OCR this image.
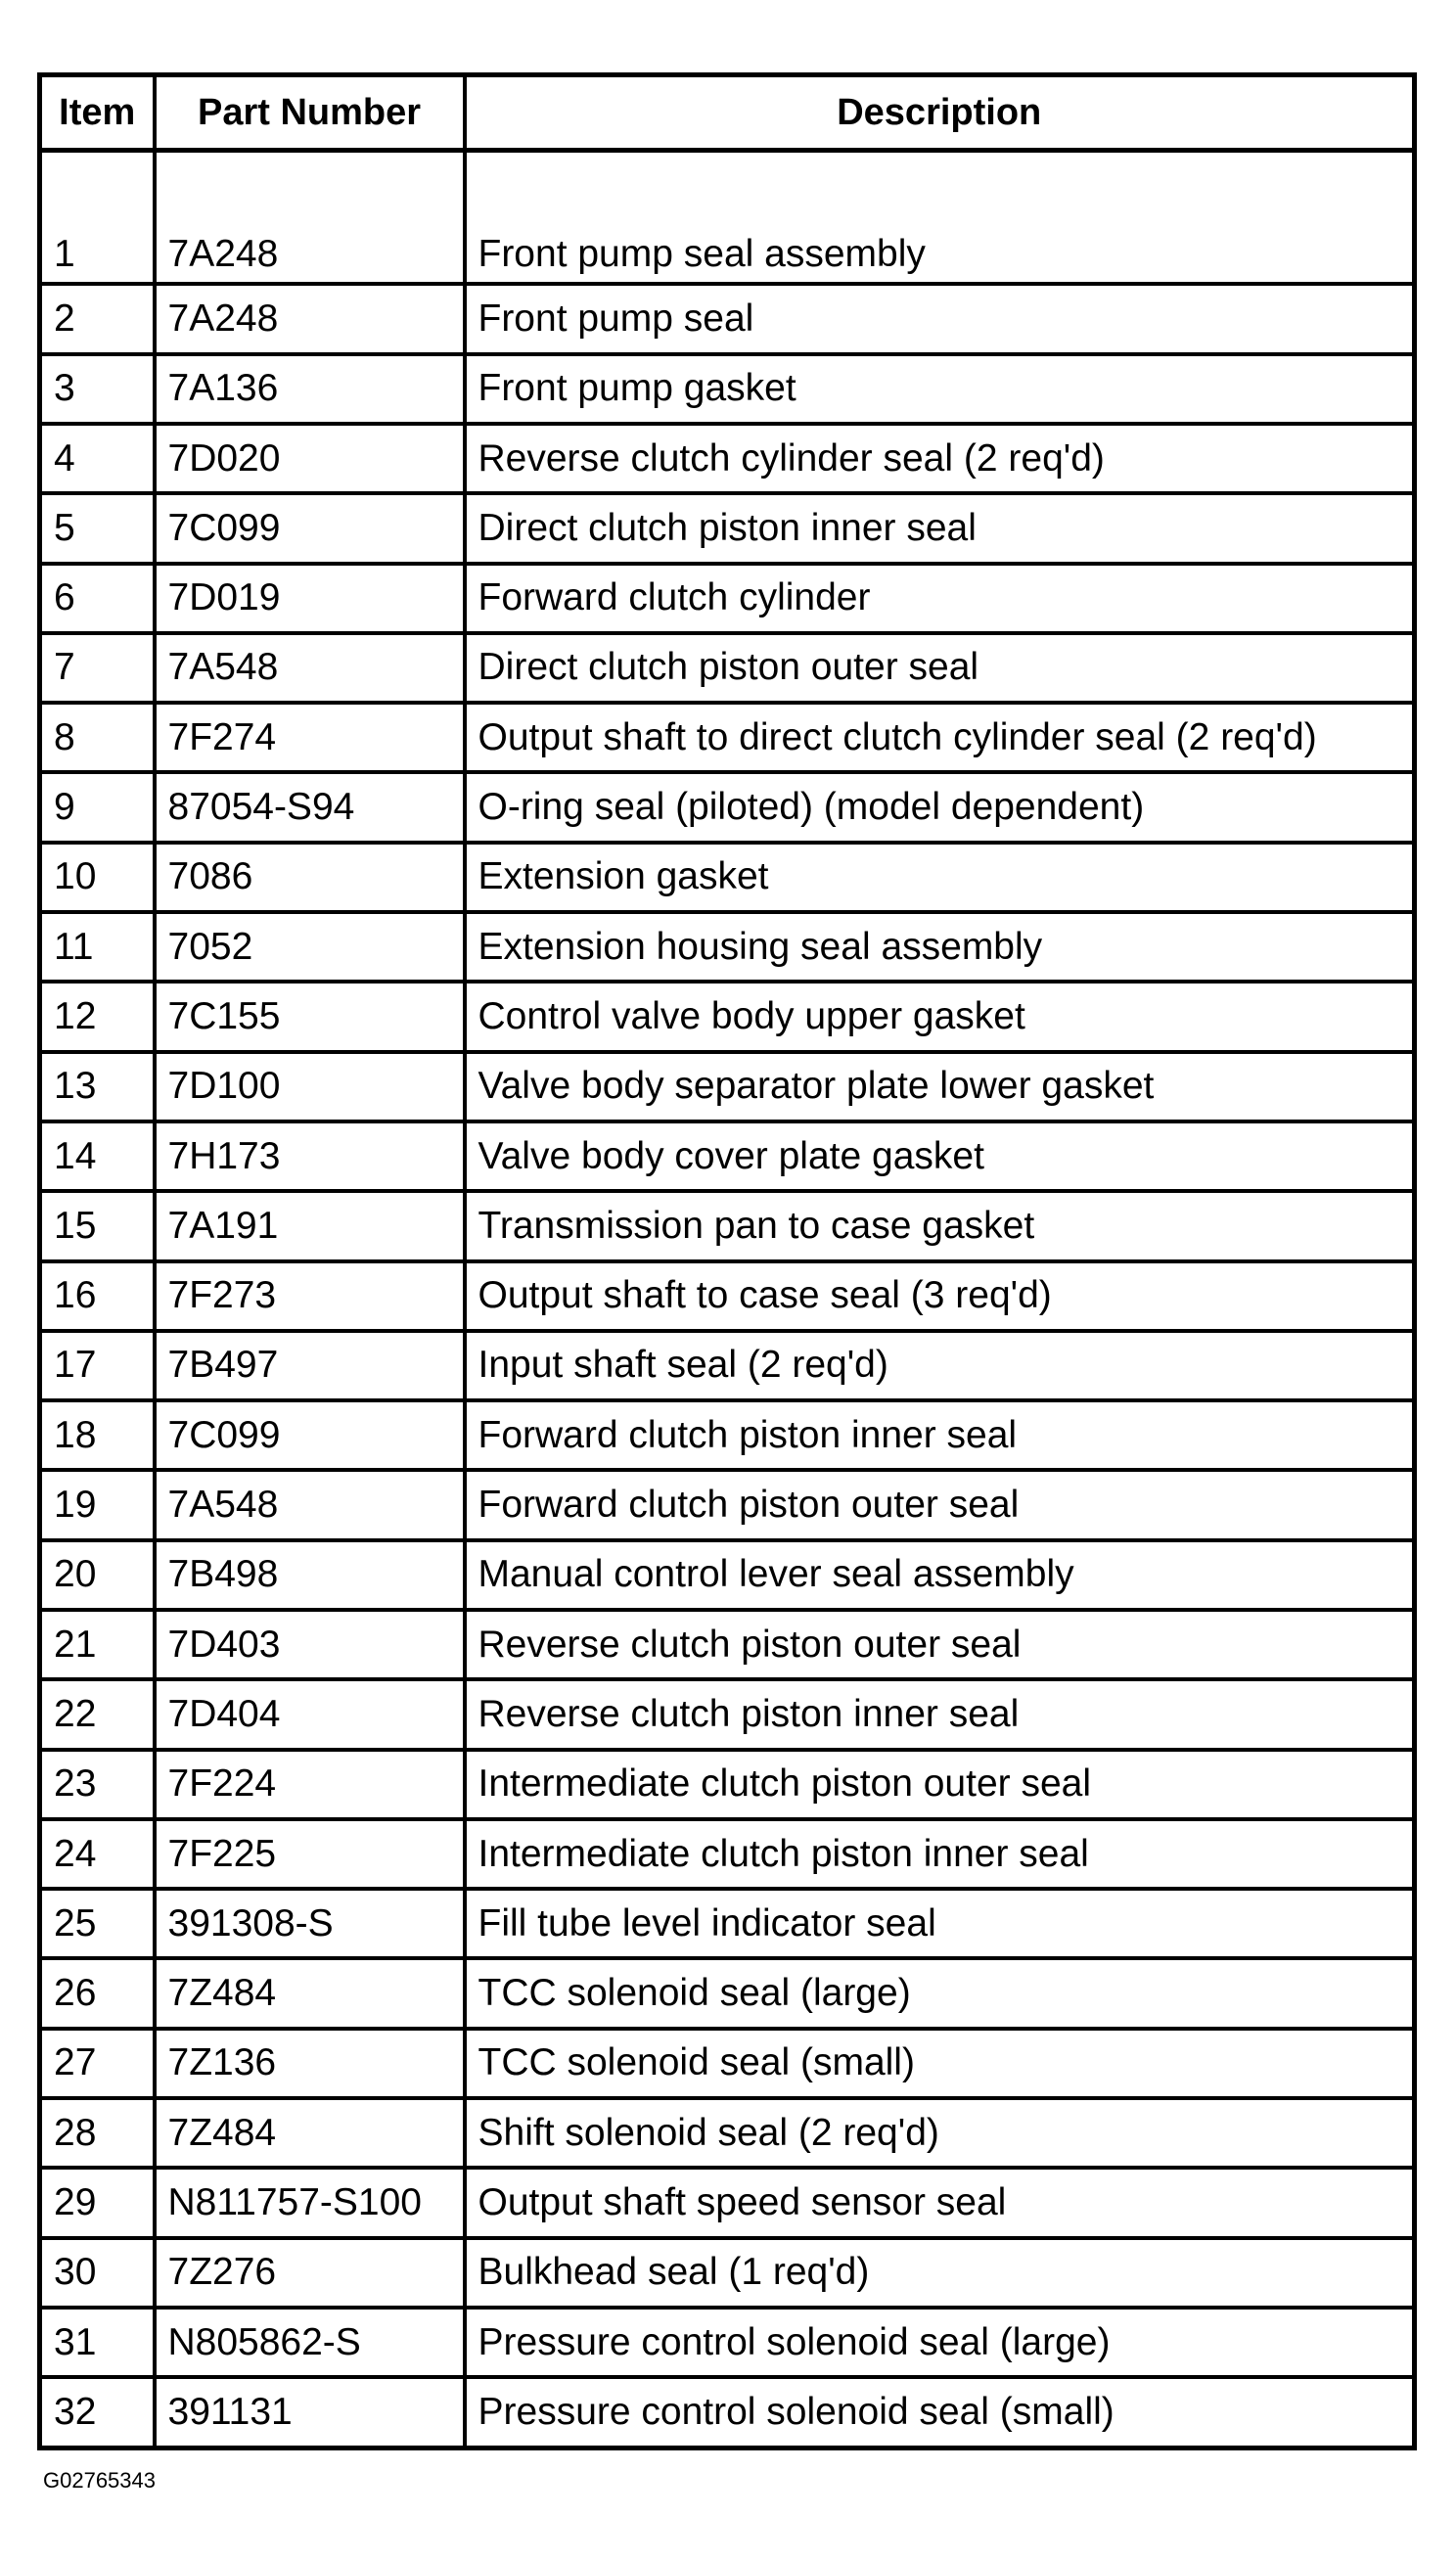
Item	Part Number	Description
1	7A248	Front pump seal assembly
2	7A248	Front pump seal
3	7A136	Front pump gasket
4	7D020	Reverse clutch cylinder seal (2 req'd)
5	7C099	Direct clutch piston inner seal
6	7D019	Forward clutch cylinder
7	7A548	Direct clutch piston outer seal
8	7F274	Output shaft to direct clutch cylinder seal (2 req'd)
9	87054-S94	O-ring seal (piloted) (model dependent)
10	7086	Extension gasket
11	7052	Extension housing seal assembly
12	7C155	Control valve body upper gasket
13	7D100	Valve body separator plate lower gasket
14	7H173	Valve body cover plate gasket
15	7A191	Transmission pan to case gasket
16	7F273	Output shaft to case seal (3 req'd)
17	7B497	Input shaft seal (2 req'd)
18	7C099	Forward clutch piston inner seal
19	7A548	Forward clutch piston outer seal
20	7B498	Manual control lever seal assembly
21	7D403	Reverse clutch piston outer seal
22	7D404	Reverse clutch piston inner seal
23	7F224	Intermediate clutch piston outer seal
24	7F225	Intermediate clutch piston inner seal
25	391308-S	Fill tube level indicator seal
26	7Z484	TCC solenoid seal (large)
27	7Z136	TCC solenoid seal (small)
28	7Z484	Shift solenoid seal (2 req'd)
29	N811757-S100	Output shaft speed sensor seal
30	7Z276	Bulkhead seal (1 req'd)
31	N805862-S	Pressure control solenoid seal (large)
32	391131	Pressure control solenoid seal (small)
G02765343
